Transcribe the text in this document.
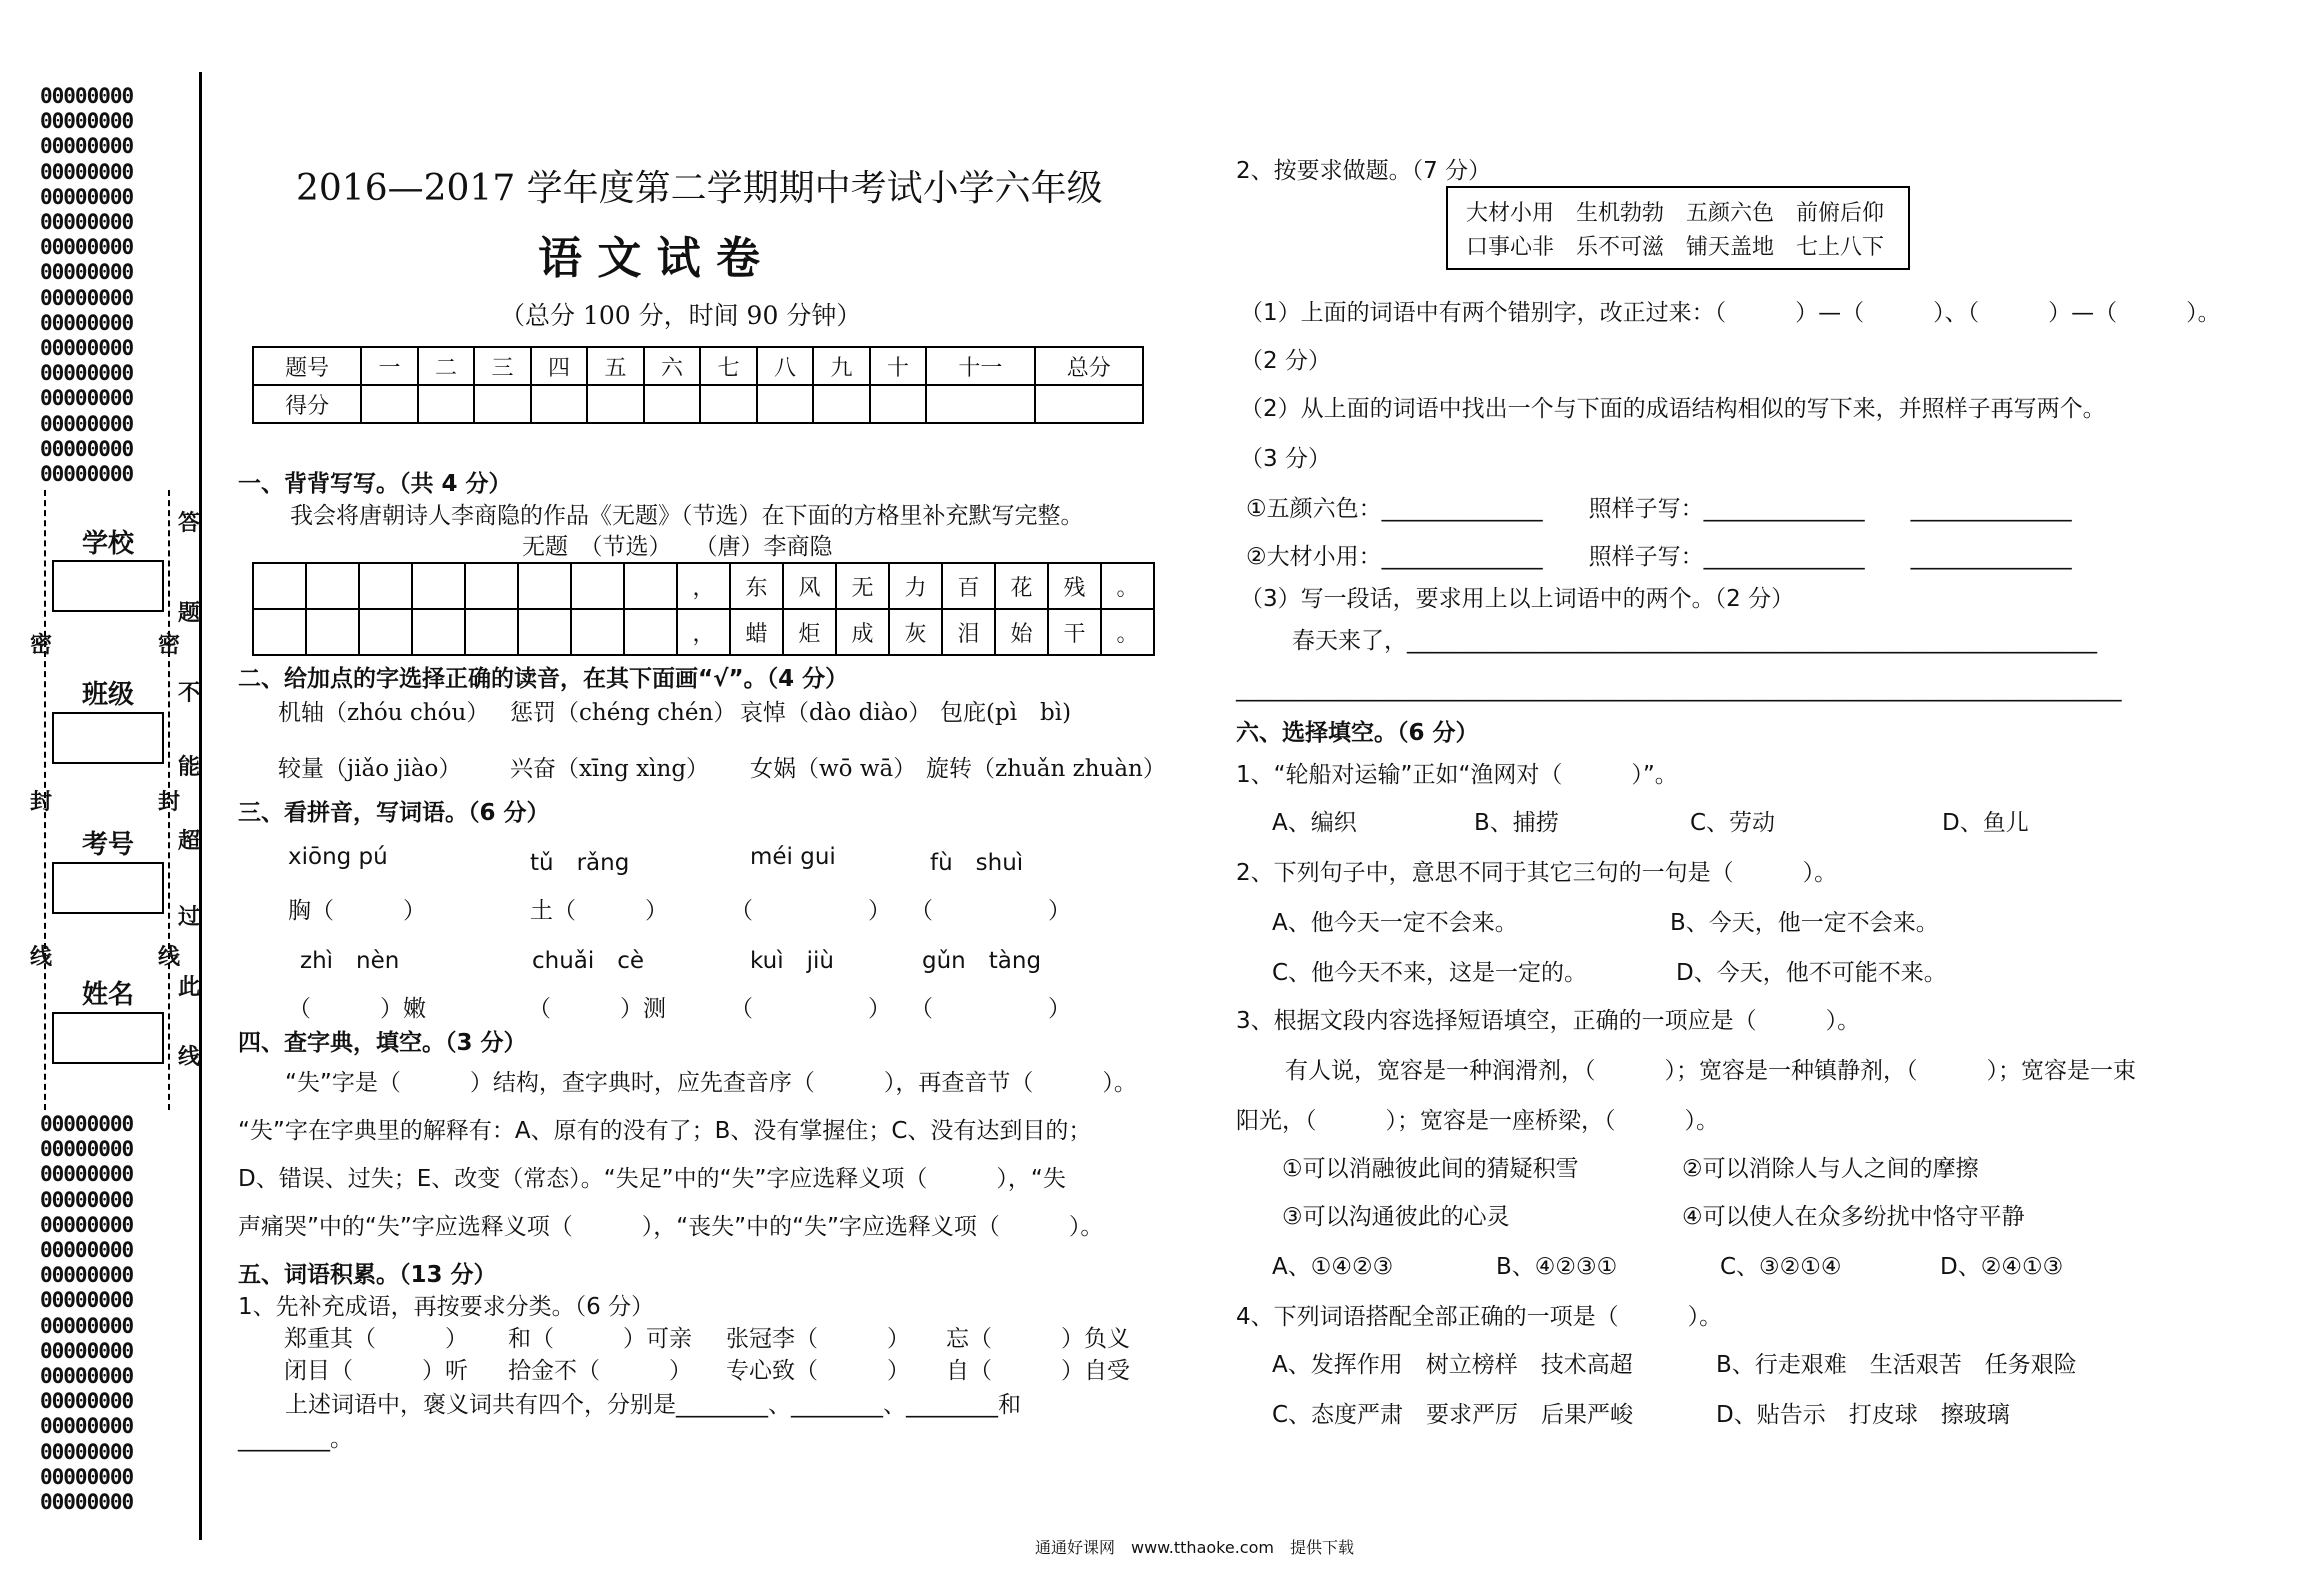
00000000
00000000
00000000
00000000
00000000
00000000
00000000
00000000
00000000
00000000
00000000
00000000
00000000
00000000
00000000
00000000
00000000
00000000
00000000
00000000
00000000
00000000
00000000
00000000
00000000
00000000
00000000
00000000
00000000
00000000
00000000
00000000
学校
班级
考号
姓名
密
封
线
密
封
线
答
题
不
能
超
过
此
线
2016—2017 学年度第二学期期中考试小学六年级
语 文 试 卷
（总分 100 分，时间 90 分钟）
题号	一	二	三	四	五	六	七	八	九	十	十一	总分
得分												
一、背背写写。（共 4 分）
我会将唐朝诗人李商隐的作品《无题》（节选）在下面的方格里补充默写完整。
无题　（节选）　　（唐）李商隐
								，	东	风	无	力	百	花	残	。
								，	蜡	炬	成	灰	泪	始	干	。
二、给加点的字选择正确的读音，在其下面画“√”。（4 分）
机轴（zhóu chóu） 惩罚（chéng chén） 哀悼（dào diào） 包庇(pì　bì)
较量（jiǎo jiào） 兴奋（xīng xìng） 女娲（wō wā） 旋转（zhuǎn zhuàn）
三、看拼音，写词语。（6 分）
xiōng pú	tǔ　rǎng	méi gui	fù　shuì
胸（　　　）	土（　　　）	（　　　　　） （　　　　　）
zhì　nèn	chuǎi　cè	kuì　jiù	gǔn　tàng
（　　　）嫩	（　　　）测	（　　　　　） （　　　　　）
四、查字典，填空。（3 分）
　“失”字是（　　　）结构，查字典时，应先查音序（　　　），再查音节（　　　）。
“失”字在字典里的解释有：A、原有的没有了；B、没有掌握住；C、没有达到目的；
D、错误、过失；E、改变（常态）。“失足”中的“失”字应选释义项（　　　），“失
声痛哭”中的“失”字应选释义项（　　　），“丧失”中的“失”字应选释义项（　　　）。
五、词语积累。（13 分）
1、先补充成语，再按要求分类。（6 分）
郑重其（　　　） 和（　　　）可亲 张冠李（　　　） 忘（　　　）负义
闭目（　　　）听 拾金不（　　　） 专心致（　　　） 自（　　　）自受
　上述词语中，褒义词共有四个，分别是________、________、________和
________。
2、按要求做题。（7 分）
大材小用　生机勃勃　五颜六色　前俯后仰
口事心非　乐不可滋　铺天盖地　七上八下
（1）上面的词语中有两个错别字，改正过来：（　　　）—（　　　）、（　　　）—（　　　）。
（2 分）
（2）从上面的词语中找出一个与下面的成语结构相似的写下来，并照样子再写两个。
（3 分）
①五颜六色：______________　　照样子写：______________　　______________
②大材小用：______________　　照样子写：______________　　______________
（3）写一段话，要求用上以上词语中的两个。（2 分）
　　春天来了，____________________________________________________________
_____________________________________________________________________________
六、选择填空。（6 分）
1、“轮船对运输”正如“渔网对（　　　）”。
A、编织	B、捕捞	C、劳动	D、鱼儿
2、下列句子中，意思不同于其它三句的一句是（　　　）。
A、他今天一定不会来。	B、今天，他一定不会来。
C、他今天不来，这是一定的。	D、今天，他不可能不来。
3、根据文段内容选择短语填空，正确的一项应是（　　　）。
　有人说，宽容是一种润滑剂，（　　　）；宽容是一种镇静剂，（　　　）；宽容是一束
阳光，（　　　）；宽容是一座桥梁，（　　　）。
①可以消融彼此间的猜疑积雪	②可以消除人与人之间的摩擦
③可以沟通彼此的心灵	④可以使人在众多纷扰中恪守平静
A、①④②③	B、④②③①	C、③②①④	D、②④①③
4、下列词语搭配全部正确的一项是（　　　）。
A、发挥作用　树立榜样　技术高超	B、行走艰难　生活艰苦　任务艰险
C、态度严肃　要求严厉　后果严峻	D、贴告示　打皮球　擦玻璃
通通好课网　www.tthaoke.com　提供下载
